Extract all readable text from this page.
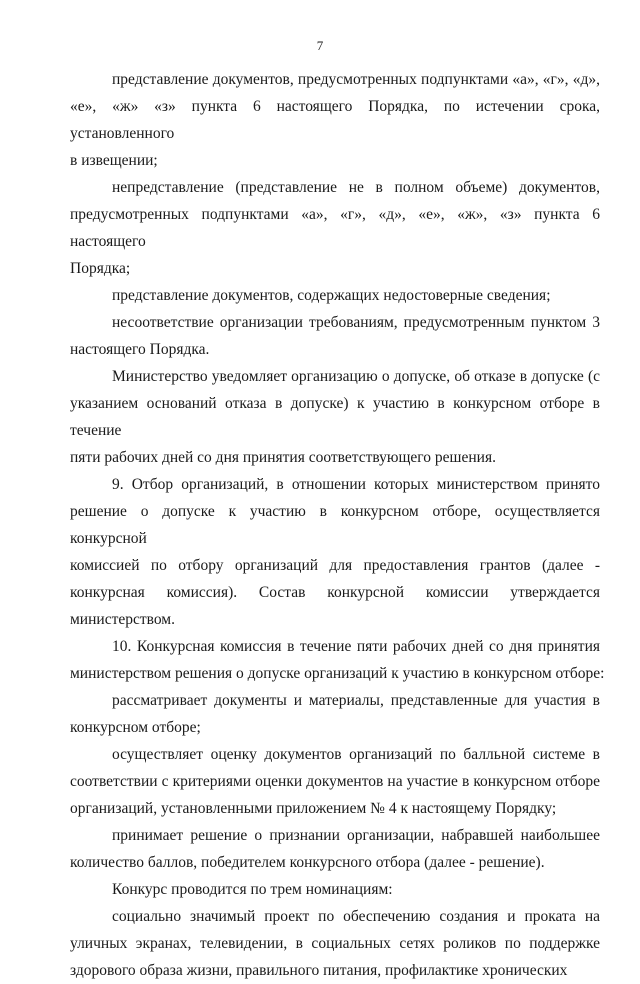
7

представление документов, предусмотренных подпунктами «а», «г», «д»,
«е», «ж» «з» пункта 6 настоящего Порядка, по истечении срока, установленного
в извещении;

непредставление (представление не в полном объеме) документов,
предусмотренных подпунктами «а», «г», «д», «е», «ж», «з» пункта 6 настоящего
Порядка;

представление документов, содержащих недостоверные сведения;

несоответствие организации требованиям, предусмотренным пунктом 3
настоящего Порядка.

Министерство уведомляет организацию о допуске, об отказе в допуске (с
указанием оснований отказа в допуске) к участию в конкурсном отборе в течение
пяти рабочих дней со дня принятия соответствующего решения.

9. Отбор организаций, в отношении которых министерством принято
решение о допуске к участию в конкурсном отборе, осуществляется конкурсной
комиссией по отбору организаций для предоставления грантов (далее -
конкурсная комиссия). Состав конкурсной комиссии утверждается
министерством.

10. Конкурсная комиссия в течение пяти рабочих дней со дня принятия
министерством решения о допуске организаций к участию в конкурсном отборе:

рассматривает документы и материалы, представленные для участия в
конкурсном отборе;

осуществляет оценку документов организаций по балльной системе в
соответствии с критериями оценки документов на участие в конкурсном отборе
организаций, установленными приложением № 4 к настоящему Порядку;

принимает решение о признании организации, набравшей наибольшее
количество баллов, победителем конкурсного отбора (далее - решение).

Конкурс проводится по трем номинациям:

социально значимый проект по обеспечению создания и проката на
уличных экранах, телевидении, в социальных сетях роликов по поддержке
здорового образа жизни, правильного питания, профилактике хронических
